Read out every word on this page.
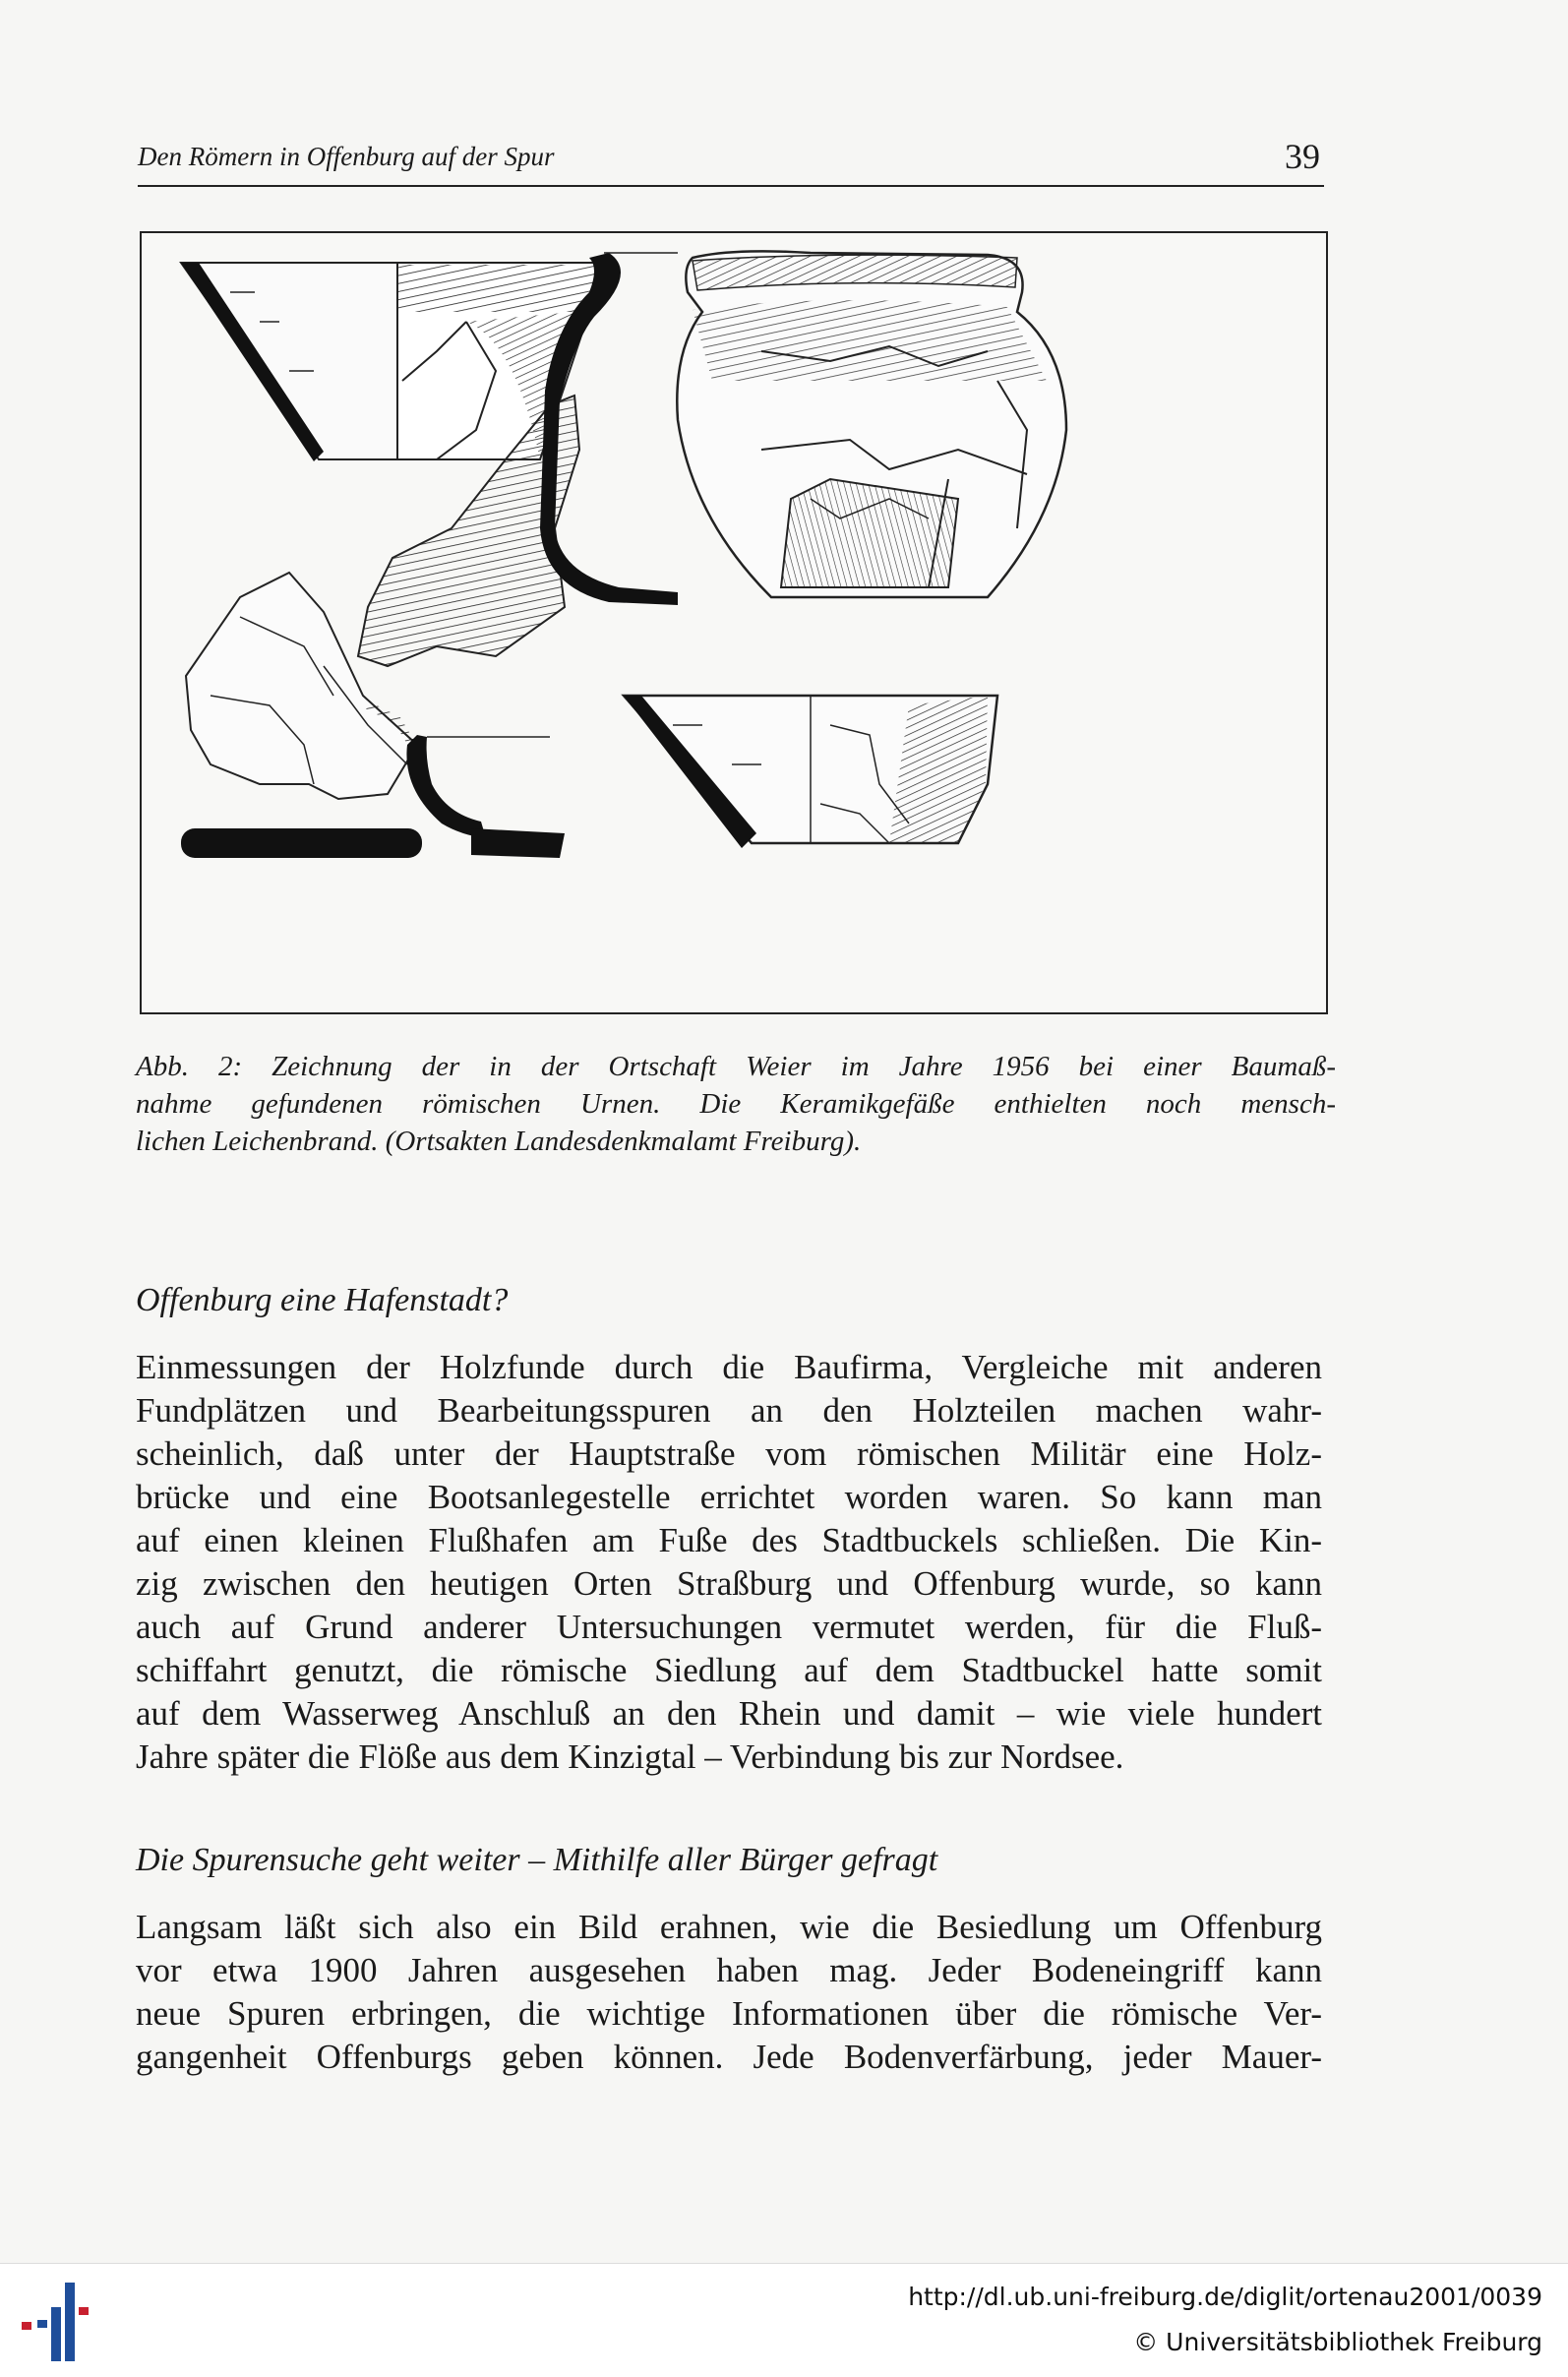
Den Römern in Offenburg auf der Spur	39
Abb. 2: Zeichnung der in der Ortschaft Weier im Jahre 1956 bei einer Baumaß-
nahme gefundenen römischen Urnen. Die Keramikgefäße enthielten noch mensch-
lichen Leichenbrand. (Ortsakten Landesdenkmalamt Freiburg).
Offenburg eine Hafenstadt?
Einmessungen der Holzfunde durch die Baufirma, Vergleiche mit anderen
Fundplätzen und Bearbeitungsspuren an den Holzteilen machen wahr-
scheinlich, daß unter der Hauptstraße vom römischen Militär eine Holz-
brücke und eine Bootsanlegestelle errichtet worden waren. So kann man
auf einen kleinen Flußhafen am Fuße des Stadtbuckels schließen. Die Kin-
zig zwischen den heutigen Orten Straßburg und Offenburg wurde, so kann
auch auf Grund anderer Untersuchungen vermutet werden, für die Fluß-
schiffahrt genutzt, die römische Siedlung auf dem Stadtbuckel hatte somit
auf dem Wasserweg Anschluß an den Rhein und damit – wie viele hundert
Jahre später die Flöße aus dem Kinzigtal – Verbindung bis zur Nordsee.
Die Spurensuche geht weiter – Mithilfe aller Bürger gefragt
Langsam läßt sich also ein Bild erahnen, wie die Besiedlung um Offenburg
vor etwa 1900 Jahren ausgesehen haben mag. Jeder Bodeneingriff kann
neue Spuren erbringen, die wichtige Informationen über die römische Ver-
gangenheit Offenburgs geben können. Jede Bodenverfärbung, jeder Mauer-
http://dl.ub.uni-freiburg.de/diglit/ortenau2001/0039
© Universitätsbibliothek Freiburg
